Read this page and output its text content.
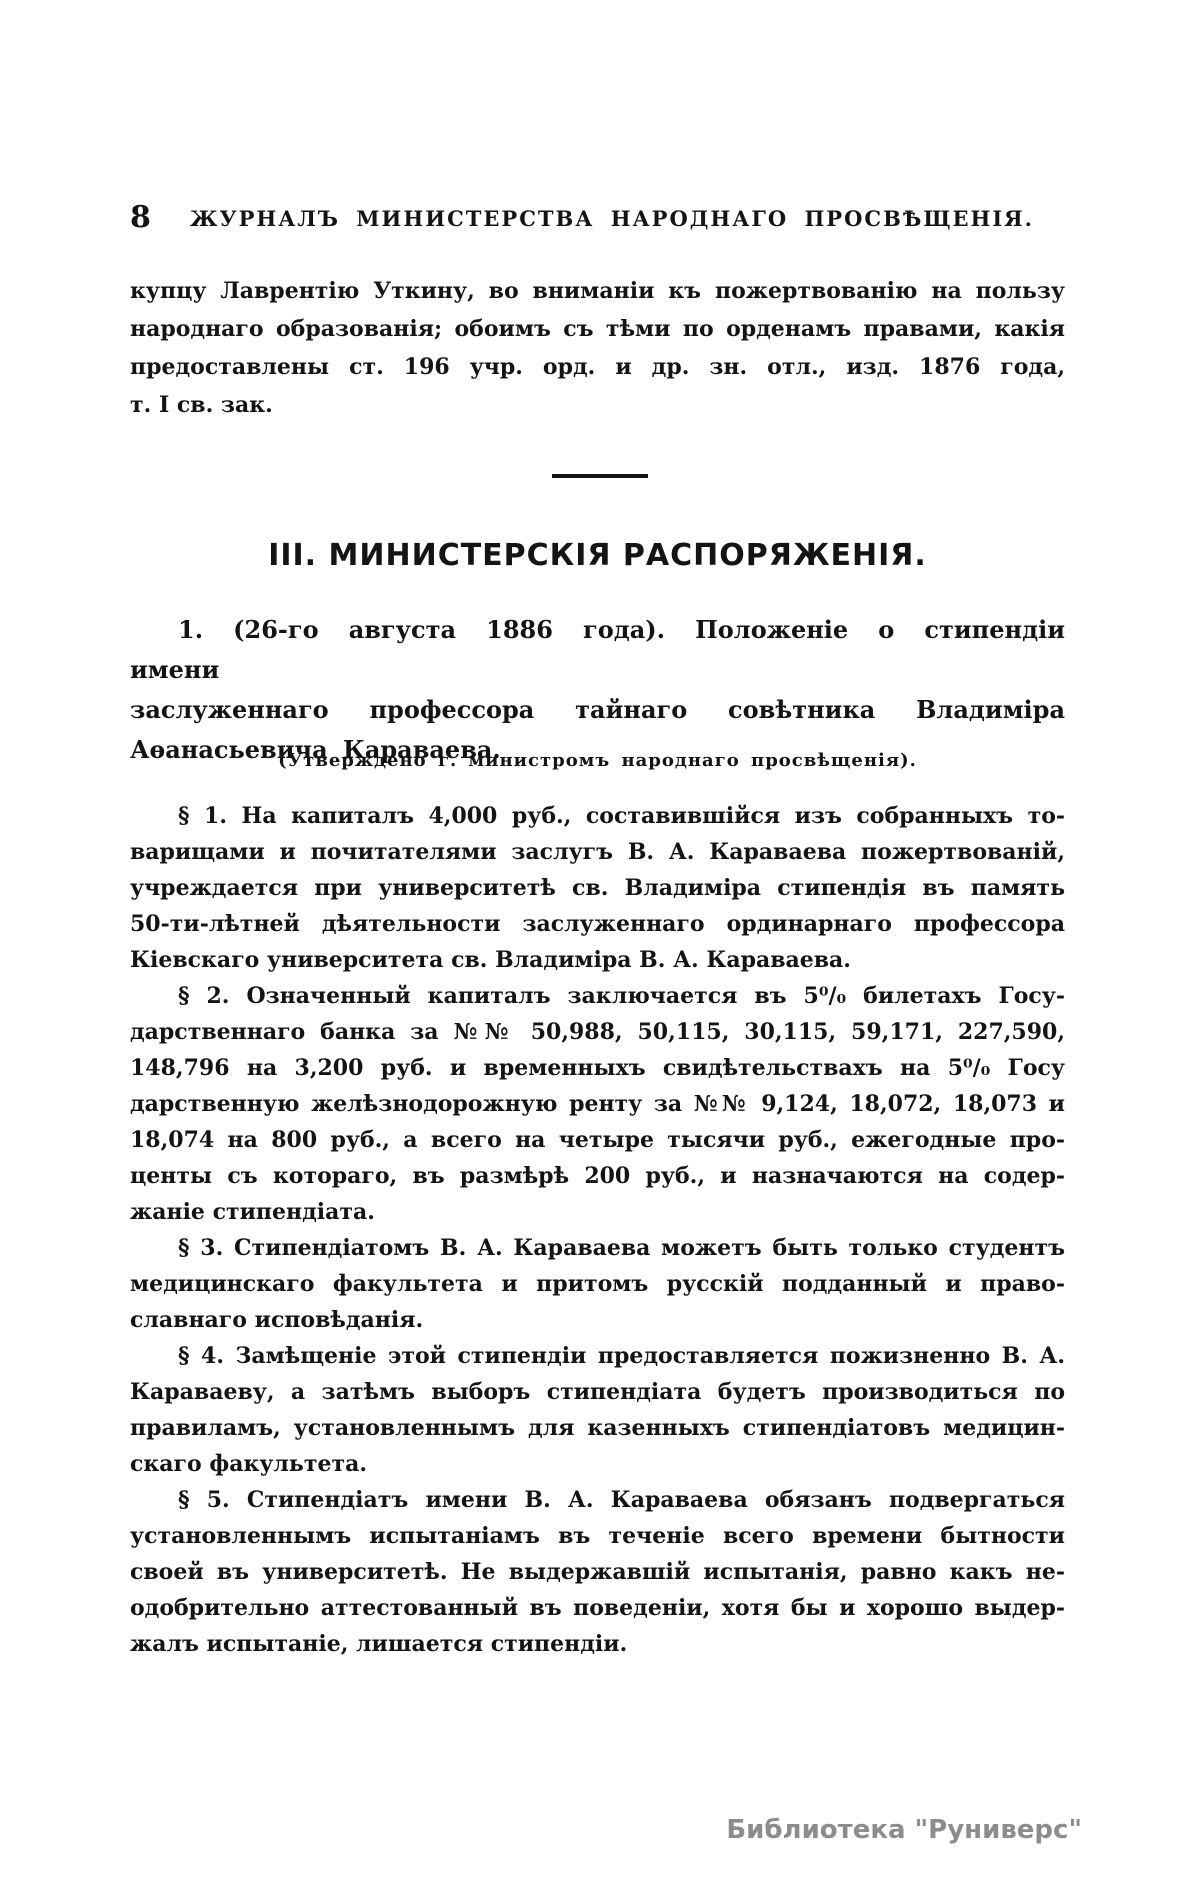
8 ЖУРНАЛЪ МИНИСТЕРСТВА НАРОДНАГО ПРОСВѢЩЕНІЯ.
купцу Лаврентію Уткину, во вниманіи къ пожертвованію на пользу
народнаго образованія; обоимъ съ тѣми по орденамъ правами, какія
предоставлены ст. 196 учр. орд. и др. зн. отл., изд. 1876 года,
т. I св. зак.
III. МИНИСТЕРСКІЯ РАСПОРЯЖЕНІЯ.
1. (26-го августа 1886 года). Положеніе о стипендіи имени
заслуженнаго профессора тайнаго совѣтника Владиміра
Аѳанасьевича Караваева.
(Утверждено г. министромъ народнаго просвѣщенія).
§ 1. На капиталъ 4,000 руб., составившійся изъ собранныхъ то-
варищами и почитателями заслугъ В. А. Караваева пожертвованій,
учреждается при университетѣ св. Владиміра стипендія въ память
50-ти-лѣтней дѣятельности заслуженнаго ординарнаго профессора
Кіевскаго университета св. Владиміра В. А. Караваева.
§ 2. Означенный капиталъ заключается въ 5⁰/₀ билетахъ Госу-
дарственнаго банка за №№ 50,988, 50,115, 30,115, 59,171, 227,590,
148,796 на 3,200 руб. и временныхъ свидѣтельствахъ на 5⁰/₀ Госу
дарственную желѣзнодорожную ренту за №№ 9,124, 18,072, 18,073 и
18,074 на 800 руб., а всего на четыре тысячи руб., ежегодные про-
центы съ котораго, въ размѣрѣ 200 руб., и назначаются на содер-
жаніе стипендіата.
§ 3. Стипендіатомъ В. А. Караваева можетъ быть только студентъ
медицинскаго факультета и притомъ русскій подданный и право-
славнаго исповѣданія.
§ 4. Замѣщеніе этой стипендіи предоставляется пожизненно В. А.
Караваеву, а затѣмъ выборъ стипендіата будетъ производиться по
правиламъ, установленнымъ для казенныхъ стипендіатовъ медицин-
скаго факультета.
§ 5. Стипендіатъ имени В. А. Караваева обязанъ подвергаться
установленнымъ испытаніамъ въ теченіе всего времени бытности
своей въ университетѣ. Не выдержавшій испытанія, равно какъ не-
одобрительно аттестованный въ поведеніи, хотя бы и хорошо выдер-
жалъ испытаніе, лишается стипендіи.
Библиотека "Руниверс"
